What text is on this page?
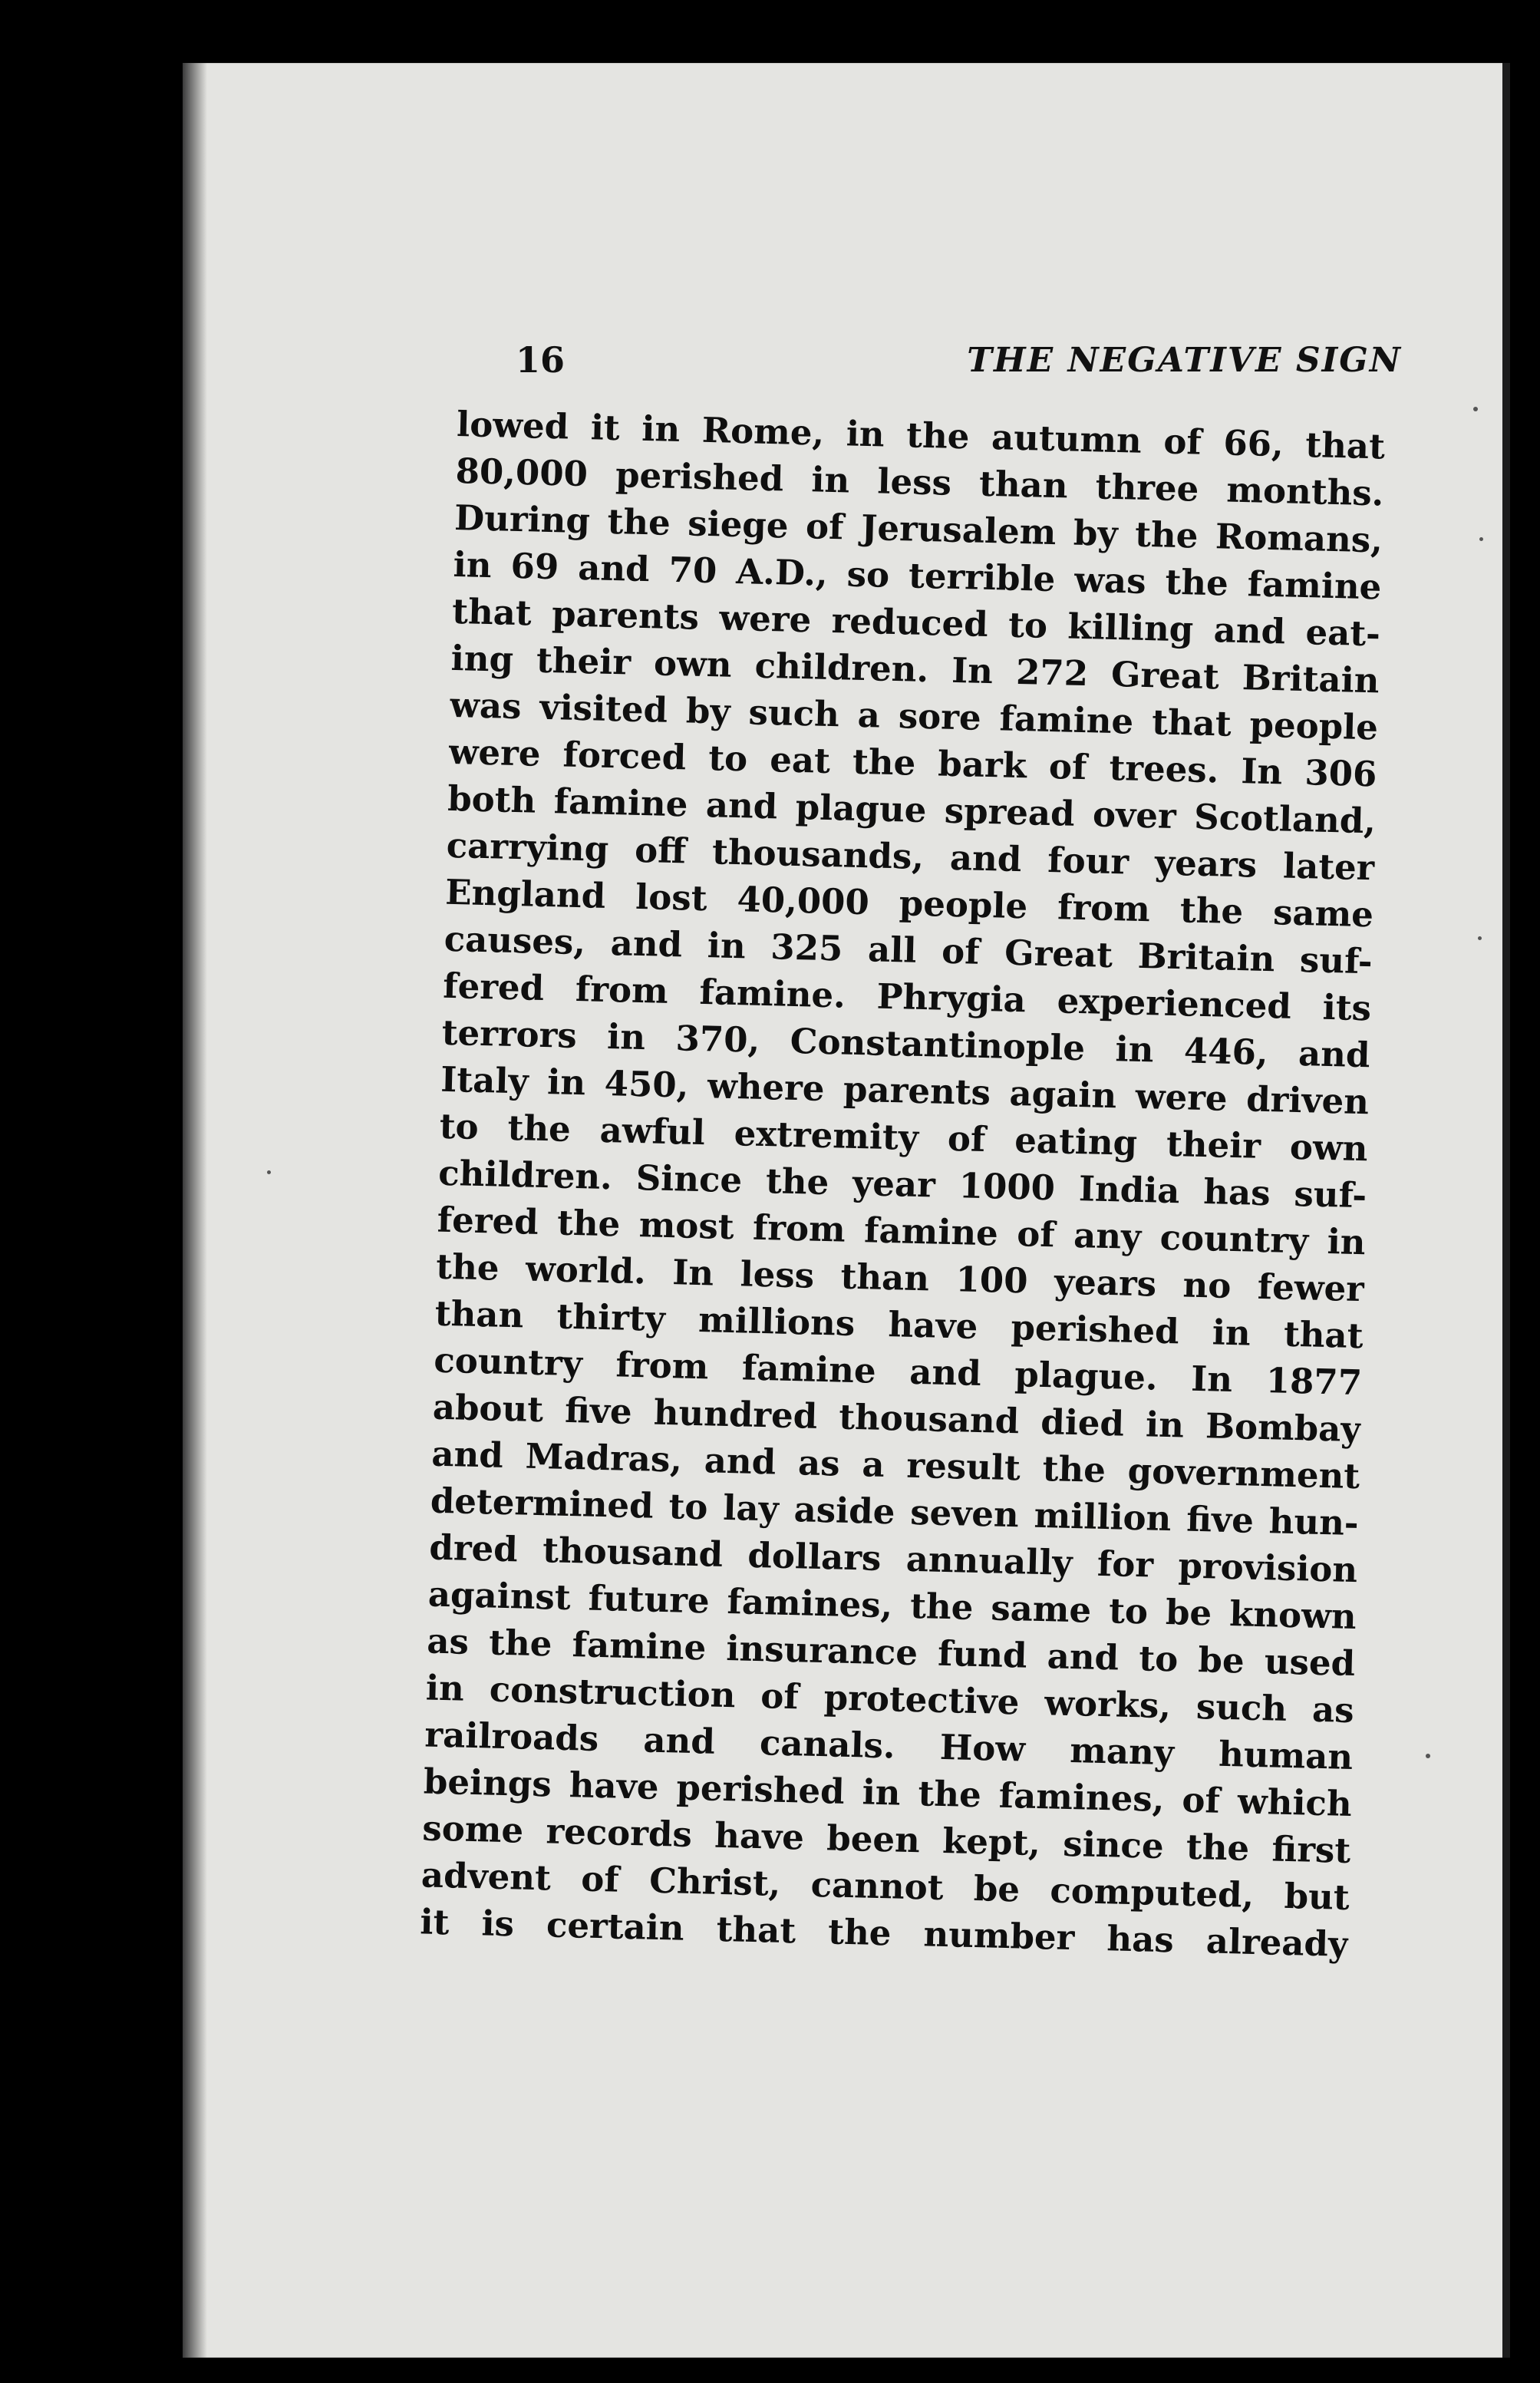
16	THE NEGATIVE SIGN
lowed it in Rome, in the autumn of 66, that
80,000 perished in less than three months.
During the siege of Jerusalem by the Romans,
in 69 and 70 A.D., so terrible was the famine
that parents were reduced to killing and eat-
ing their own children. In 272 Great Britain
was visited by such a sore famine that people
were forced to eat the bark of trees. In 306
both famine and plague spread over Scotland,
carrying off thousands, and four years later
England lost 40,000 people from the same
causes, and in 325 all of Great Britain suf-
fered from famine. Phrygia experienced its
terrors in 370, Constantinople in 446, and
Italy in 450, where parents again were driven
to the awful extremity of eating their own
children. Since the year 1000 India has suf-
fered the most from famine of any country in
the world. In less than 100 years no fewer
than thirty millions have perished in that
country from famine and plague. In 1877
about five hundred thousand died in Bombay
and Madras, and as a result the government
determined to lay aside seven million five hun-
dred thousand dollars annually for provision
against future famines, the same to be known
as the famine insurance fund and to be used
in construction of protective works, such as
railroads and canals. How many human
beings have perished in the famines, of which
some records have been kept, since the first
advent of Christ, cannot be computed, but
it is certain that the number has already
